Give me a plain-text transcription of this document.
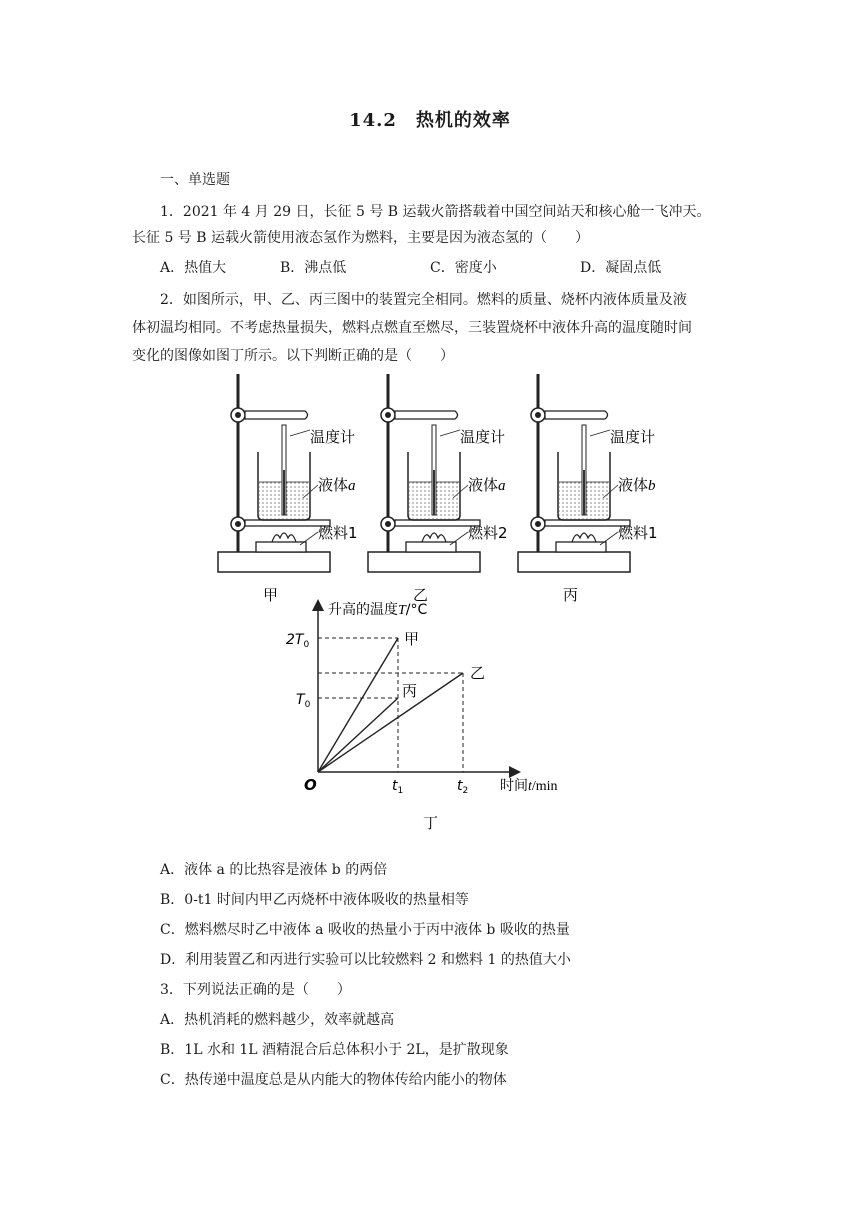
14.2　热机的效率
一、单选题
1．2021 年 4 月 29 日，长征 5 号 B 运载火箭搭载着中国空间站天和核心舱一飞冲天。
长征 5 号 B 运载火箭使用液态氢作为燃料，主要是因为液态氢的（　　）
A．热值大	B．沸点低	C．密度小	D．凝固点低
2．如图所示，甲、乙、丙三图中的装置完全相同。燃料的质量、烧杯内液体质量及液
体初温均相同。不考虑热量损失，燃料点燃直至燃尽，三装置烧杯中液体升高的温度随时间
变化的图像如图丁所示。以下判断正确的是（　　）
温度计
液体a
燃料1
甲
温度计
液体a
燃料2
乙
温度计
液体b
燃料1
丙
升高的温度T/°C
时间t/min
O
甲
丙
乙
$2T_0$
$T_0$
$t_1$	$t_2$
丁
A．液体 a 的比热容是液体 b 的两倍
B．0-t1 时间内甲乙丙烧杯中液体吸收的热量相等
C．燃料燃尽时乙中液体 a 吸收的热量小于丙中液体 b 吸收的热量
D．利用装置乙和丙进行实验可以比较燃料 2 和燃料 1 的热值大小
3．下列说法正确的是（　　）
A．热机消耗的燃料越少，效率就越高
B．1L 水和 1L 酒精混合后总体积小于 2L，是扩散现象
C．热传递中温度总是从内能大的物体传给内能小的物体
